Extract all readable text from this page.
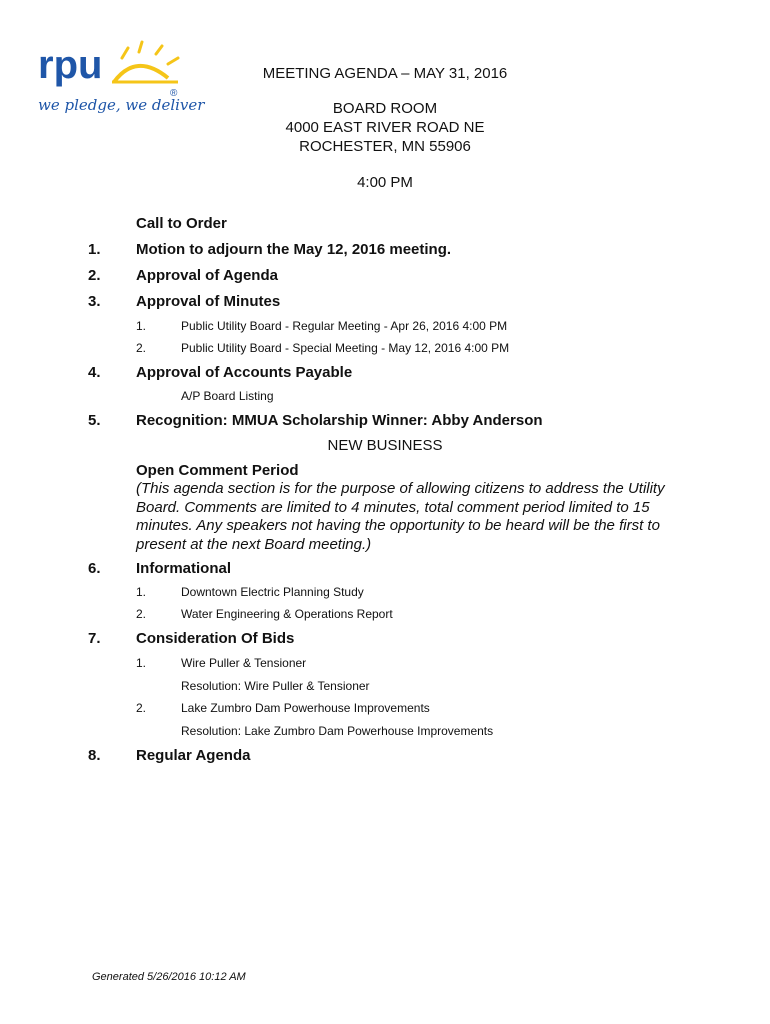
rpu
®
we pledge, we deliver
MEETING AGENDA – MAY 31, 2016
BOARD ROOM
4000 EAST RIVER ROAD NE
ROCHESTER, MN 55906
4:00 PM
Call to Order
1. Motion to adjourn the May 12, 2016 meeting.
2. Approval of Agenda
3. Approval of Minutes
1.	Public Utility Board - Regular Meeting - Apr 26, 2016 4:00 PM
2.	Public Utility Board - Special Meeting - May 12, 2016 4:00 PM
4. Approval of Accounts Payable
A/P Board Listing
5. Recognition: MMUA Scholarship Winner: Abby Anderson
NEW BUSINESS
Open Comment Period
(This agenda section is for the purpose of allowing citizens to address the Utility Board. Comments are limited to 4 minutes, total comment period limited to 15 minutes. Any speakers not having the opportunity to be heard will be the first to present at the next Board meeting.)
6. Informational
1.	Downtown Electric Planning Study
2.	Water Engineering & Operations Report
7. Consideration Of Bids
1.	Wire Puller & Tensioner
Resolution: Wire Puller & Tensioner
2.	Lake Zumbro Dam Powerhouse Improvements
Resolution: Lake Zumbro Dam Powerhouse Improvements
8. Regular Agenda
Generated 5/26/2016 10:12 AM
